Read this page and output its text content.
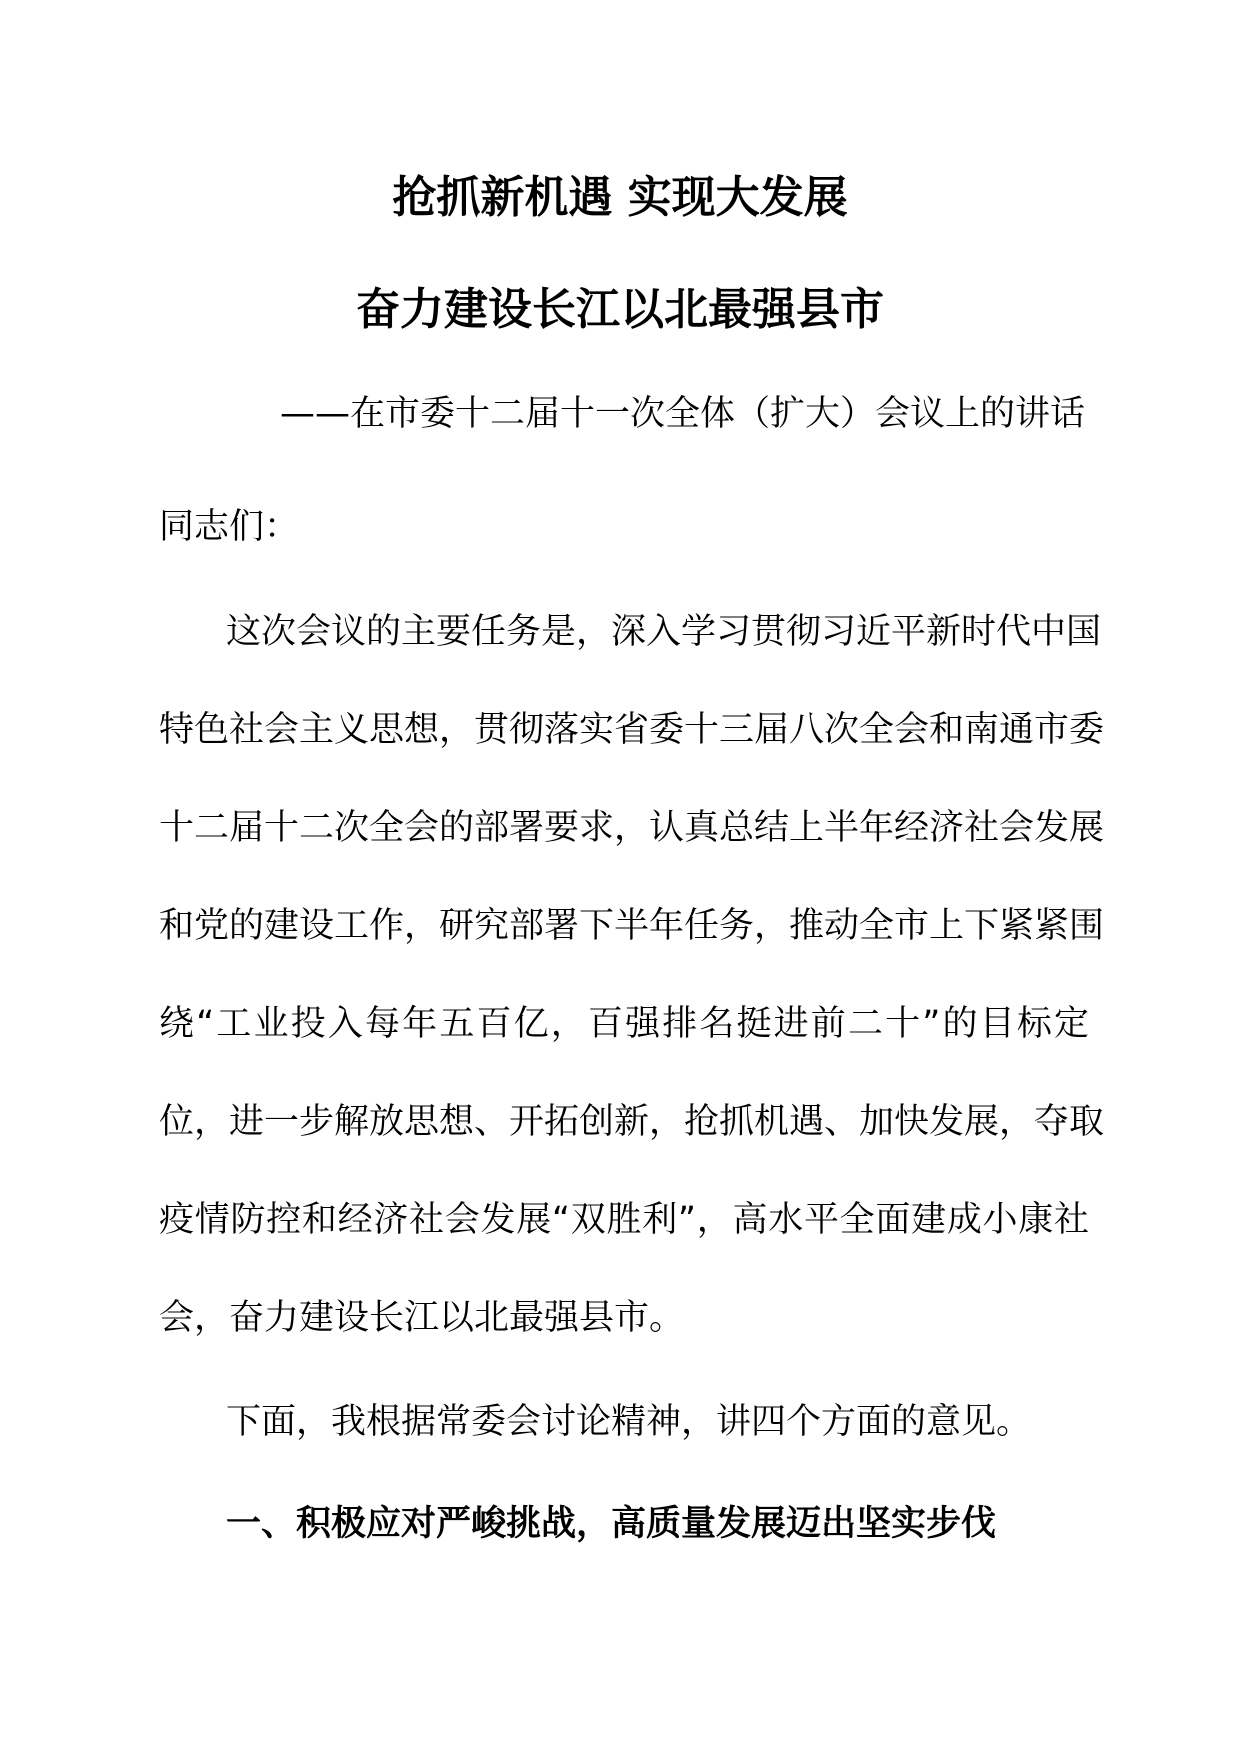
抢抓新机遇 实现大发展
奋力建设长江以北最强县市
——在市委十二届十一次全体（扩大）会议上的讲话
同志们：
这次会议的主要任务是，深入学习贯彻习近平新时代中国
特色社会主义思想，贯彻落实省委十三届八次全会和南通市委
十二届十二次全会的部署要求，认真总结上半年经济社会发展
和党的建设工作，研究部署下半年任务，推动全市上下紧紧围
绕“工业投入每年五百亿，百强排名挺进前二十”的目标定
位，进一步解放思想、开拓创新，抢抓机遇、加快发展，夺取
疫情防控和经济社会发展“双胜利”，高水平全面建成小康社
会，奋力建设长江以北最强县市。
下面，我根据常委会讨论精神，讲四个方面的意见。
一、积极应对严峻挑战，高质量发展迈出坚实步伐
